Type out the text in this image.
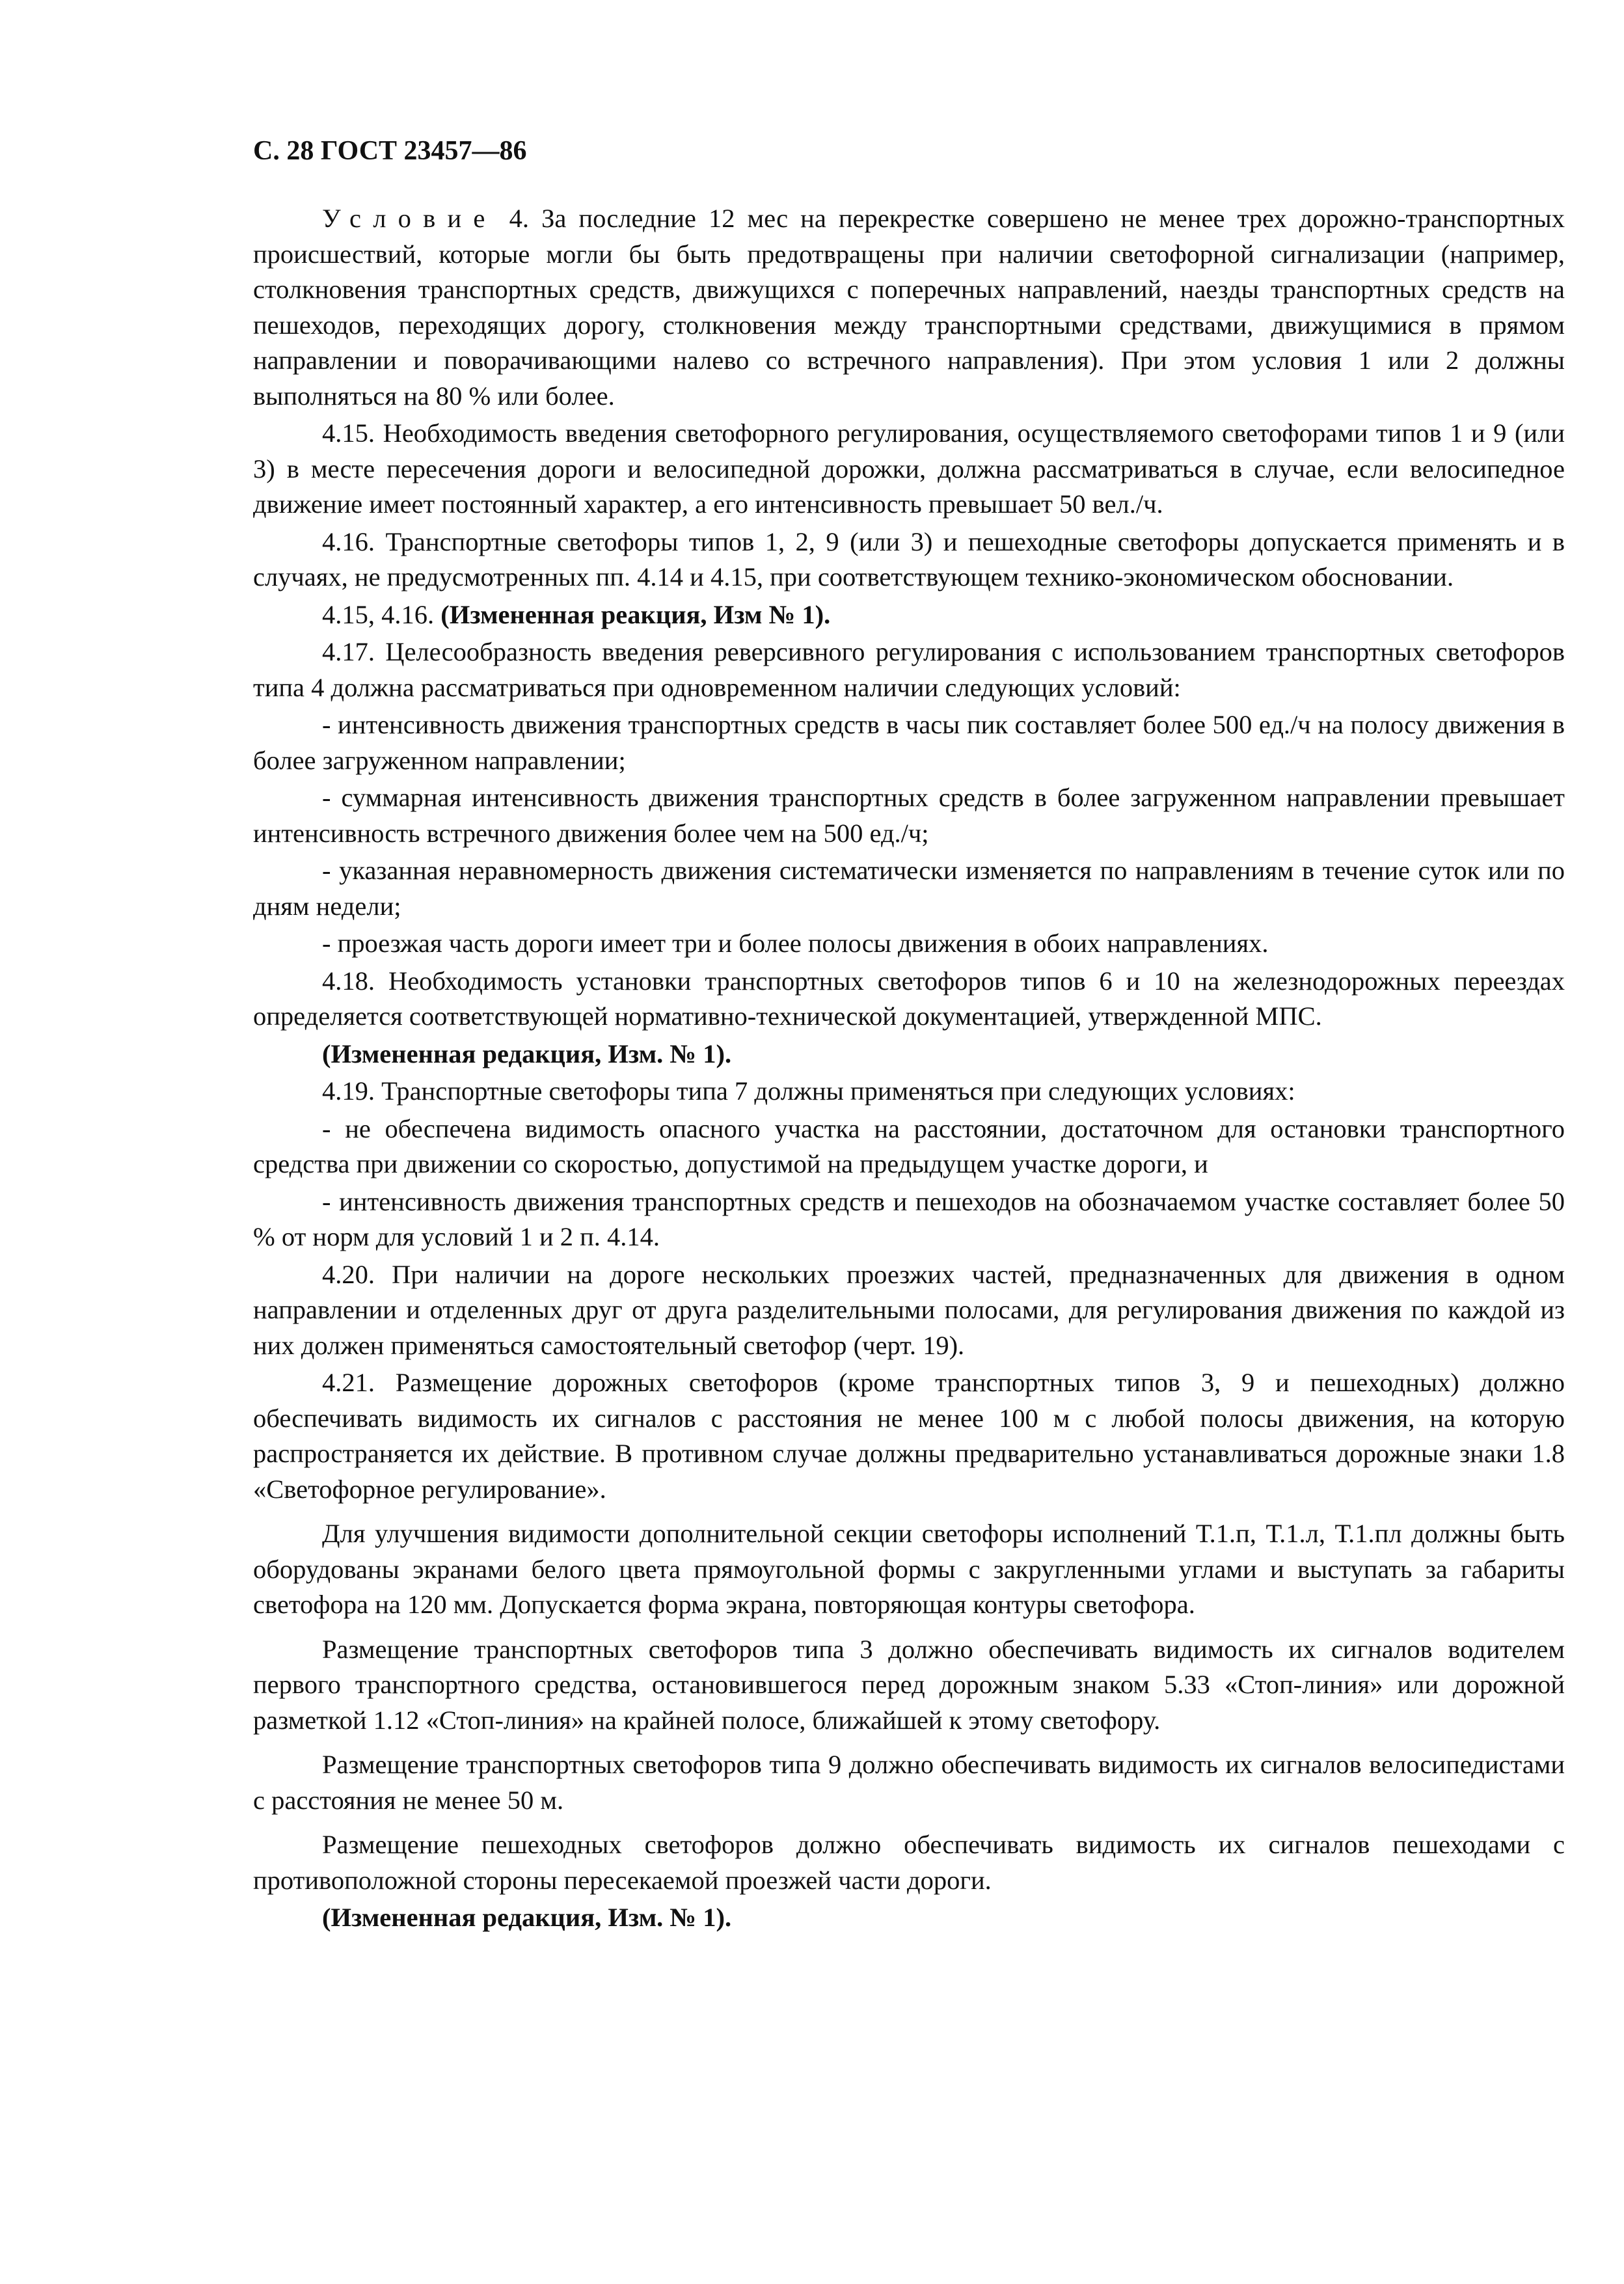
С. 28 ГОСТ 23457—86

Условие 4. За последние 12 мес на перекрестке совершено не менее трех дорожно-транспортных происшествий, которые могли бы быть предотвращены при наличии светофорной сигнализации (например, столкновения транспортных средств, движущихся с поперечных направлений, наезды транспортных средств на пешеходов, переходящих дорогу, столкновения между транспортными средствами, движущимися в прямом направлении и поворачивающими налево со встречного направления). При этом условия 1 или 2 должны выполняться на 80 % или более.

4.15. Необходимость введения светофорного регулирования, осуществляемого светофорами типов 1 и 9 (или 3) в месте пересечения дороги и велосипедной дорожки, должна рассматриваться в случае, если велосипедное движение имеет постоянный характер, а его интенсивность превышает 50 вел./ч.

4.16. Транспортные светофоры типов 1, 2, 9 (или 3) и пешеходные светофоры допускается применять и в случаях, не предусмотренных пп. 4.14 и 4.15, при соответствующем технико-экономическом обосновании.

4.15, 4.16. (Измененная реакция, Изм № 1).

4.17. Целесообразность введения реверсивного регулирования с использованием транспортных светофоров типа 4 должна рассматриваться при одновременном наличии следующих условий:

- интенсивность движения транспортных средств в часы пик составляет более 500 ед./ч на полосу движения в более загруженном направлении;

- суммарная интенсивность движения транспортных средств в более загруженном направлении превышает интенсивность встречного движения более чем на 500 ед./ч;

- указанная неравномерность движения систематически изменяется по направлениям в течение суток или по дням недели;

- проезжая часть дороги имеет три и более полосы движения в обоих направлениях.

4.18. Необходимость установки транспортных светофоров типов 6 и 10 на железнодорожных переездах определяется соответствующей нормативно-технической документацией, утвержденной МПС.

(Измененная редакция, Изм. № 1).

4.19. Транспортные светофоры типа 7 должны применяться при следующих условиях:

- не обеспечена видимость опасного участка на расстоянии, достаточном для остановки транспортного средства при движении со скоростью, допустимой на предыдущем участке дороги, и

- интенсивность движения транспортных средств и пешеходов на обозначаемом участке составляет более 50 % от норм для условий 1 и 2 п. 4.14.

4.20. При наличии на дороге нескольких проезжих частей, предназначенных для движения в одном направлении и отделенных друг от друга разделительными полосами, для регулирования движения по каждой из них должен применяться самостоятельный светофор (черт. 19).

4.21. Размещение дорожных светофоров (кроме транспортных типов 3, 9 и пешеходных) должно обеспечивать видимость их сигналов с расстояния не менее 100 м с любой полосы движения, на которую распространяется их действие. В противном случае должны предварительно устанавливаться дорожные знаки 1.8 «Светофорное регулирование».

Для улучшения видимости дополнительной секции светофоры исполнений Т.1.п, Т.1.л, Т.1.пл должны быть оборудованы экранами белого цвета прямоугольной формы с закругленными углами и выступать за габариты светофора на 120 мм. Допускается форма экрана, повторяющая контуры светофора.

Размещение транспортных светофоров типа 3 должно обеспечивать видимость их сигналов водителем первого транспортного средства, остановившегося перед дорожным знаком 5.33 «Стоп-линия» или дорожной разметкой 1.12 «Стоп-линия» на крайней полосе, ближайшей к этому светофору.

Размещение транспортных светофоров типа 9 должно обеспечивать видимость их сигналов велосипедистами с расстояния не менее 50 м.

Размещение пешеходных светофоров должно обеспечивать видимость их сигналов пешеходами с противоположной стороны пересекаемой проезжей части дороги.

(Измененная редакция, Изм. № 1).
